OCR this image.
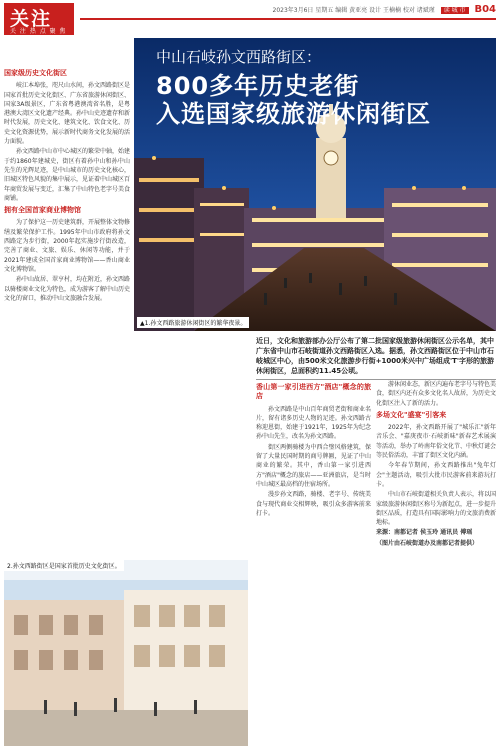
关注
关 注 热 点 聚 焦 一 线
2023年3月6日 星期五 编辑 黄亚亮 设计 王楠楠 校对 诸斌瑾 读 城 市 B04
中山石岐孙文西路街区：
800多年历史老街
入选国家级旅游休闲街区
▲1.孙文西路旅游休闲街区的繁华夜景。
国家级历史文化街区

岐江本埠张，咫尺山水间，孙文西路街区是国家首批历史文化街区、广东省旅游休闲街区、国家3A级景区，广东省粤港澳湾省名胜，是粤港澳大湾区文化遗产经典。孙中山史迹遗存和新时代发展，历史文化、建筑文化、饮食文化、历史文化资源优势，展示新时代商务文化发展的活力面貌。

孙文西路中山市中心城区的繁荣中轴，始建于约1860年建城史，街区有着孙中山和孙中山先生的光辉足迹，是中山城市的历史文化核心，旧城区特色风貌的集中展示，见证着中山城区百年商贸发展与变迁，汇集了中山特色老字号美食商铺。

拥有全国首家商业博物馆

为了保护这一历史建筑群，开展整体文物修缮及繁荣保护工作。1995年中山市政府将孙文西路定为步行街，2000年起实施步行街改造，完善了商业、文旅、娱乐、休闲等功能，并于2021年建成全国首家商业博物馆——香山商业文化博物馆。

孙中山故居、翠亨村，均在附近，孙文西路以骑楼商业文化为特色，成为游客了解中山历史文化的窗口，推动中山文旅融合发展。

2.孙文西路街区是国家首批历史文化街区。
近日，文化和旅游部办公厅公布了第二批国家级旅游休闲街区公示名单，其中广东省中山市石岐街道孙文西路街区入选。据悉，孙文西路街区位于中山市石岐城区中心，由500米文化旅游步行街+1000米兴中广场组成'T'字形的旅游休闲街区，总面积约11.45公顷。
香山第一家引进西方"酒店"概念的旅店

孙文西路是中山百年商贸老街和商业名片，留有诸多历史人物的足迹。孙文西路古称迎恩街，始建于1921年，1925年为纪念孙中山先生，改名为孙文西路。

街区两侧骑楼为中西合璧风格建筑，保留了大量民国时期的商号牌匾，见证了中山商业的繁荣。其中，香山第一家引进西方"酒店"概念的旅店——亚洲旅店，是当时中山城区最高档的住宿场所。

漫步孙文西路，骑楼、老字号、传统美食与现代商业交相辉映，吸引众多游客前来打卡。

游休闲业态，新区内遍布老字号与特色美食，街区内还有众多文化名人故居，为历史文化街区注入了新的活力。

多场文化"盛宴"引客来

2022年，孙文西路开展了"城乐汇"新年音乐会、"嘉庚夜市·石岐新味"新春艺术展演等活动，举办了岭南年俗文化节、中秋灯谜会等民俗活动，丰富了街区文化内涵。

今年春节期间，孙文西路推出"兔年灯会"主题活动，吸引大批市民游客前来游玩打卡。

中山市石岐街道相关负责人表示，将以国家级旅游休闲街区称号为新起点，进一步提升街区品质，打造具有国际影响力的文旅消费新地标。

来源：南都记者 侯玉玲 通讯员 傅瑶

（图片由石岐街道办及南都记者提供）
